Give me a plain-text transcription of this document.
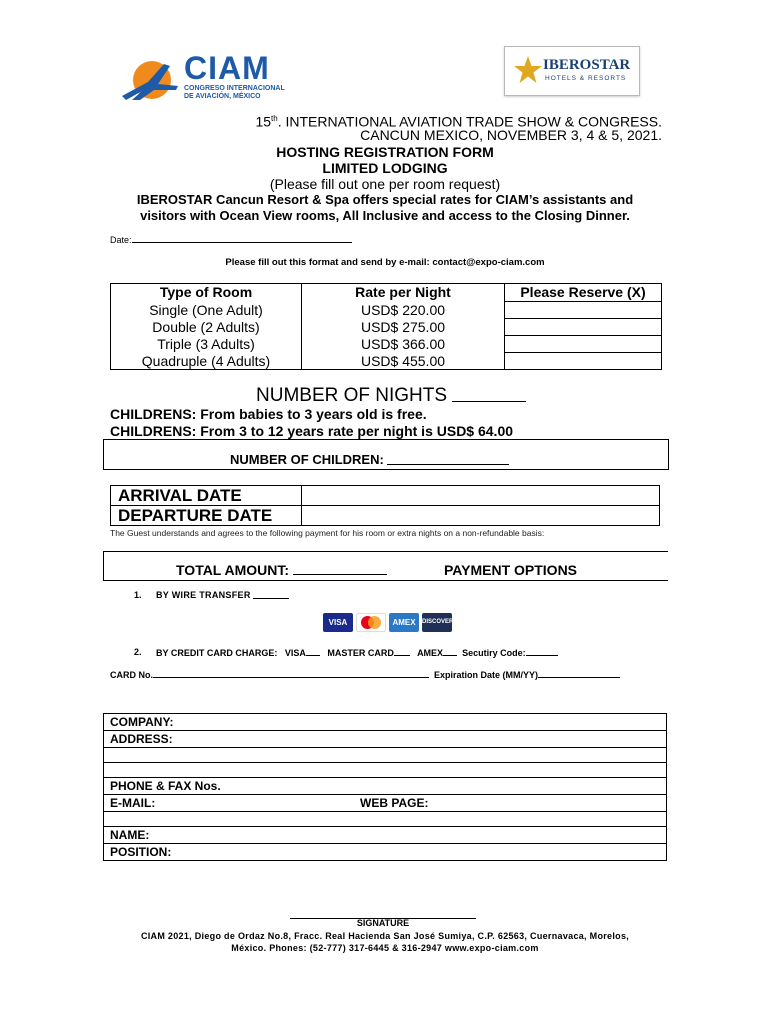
CIAM
CONGRESO INTERNACIONAL
DE AVIACIÓN, MÉXICO
IBEROSTAR
HOTELS & RESORTS
15th. INTERNATIONAL AVIATION TRADE SHOW & CONGRESS.
CANCUN MEXICO, NOVEMBER 3, 4 & 5, 2021.
HOSTING REGISTRATION FORM
LIMITED LODGING
(Please fill out one per room request)
IBEROSTAR Cancun Resort & Spa offers special rates for CIAM’s assistants and
visitors with Ocean View rooms, All Inclusive and access to the Closing Dinner.
Date:
Please fill out this format and send by e-mail: contact@expo-ciam.com
Type of Room	Rate per Night	Please Reserve (X)
Single (One Adult)	USD$ 220.00	
Double (2 Adults)	USD$ 275.00	
Triple (3 Adults)	USD$ 366.00	
Quadruple (4 Adults)	USD$ 455.00	
NUMBER OF NIGHTS
CHILDRENS: From babies to 3 years old is free.
CHILDRENS: From 3 to 12 years rate per night is USD$ 64.00
NUMBER OF CHILDREN:
ARRIVAL DATE	
DEPARTURE DATE	
The Guest understands and agrees to the following payment for his room or extra nights on a non-refundable basis:
TOTAL AMOUNT:	PAYMENT OPTIONS
1. BY WIRE TRANSFER
VISA	AMEX DISCOVER
2. BY CREDIT CARD CHARGE: VISA MASTER CARD	AMEX Secutiry Code:
CARD No.	Expiration Date (MM/YY)
COMPANY:
ADDRESS:

PHONE & FAX Nos.
E-MAIL:	WEB PAGE:

NAME:
POSITION:
SIGNATURE
CIAM 2021, Diego de Ordaz No.8, Fracc. Real Hacienda San José Sumiya, C.P. 62563, Cuernavaca, Morelos,
México. Phones: (52-777) 317-6445 & 316-2947 www.expo-ciam.com
